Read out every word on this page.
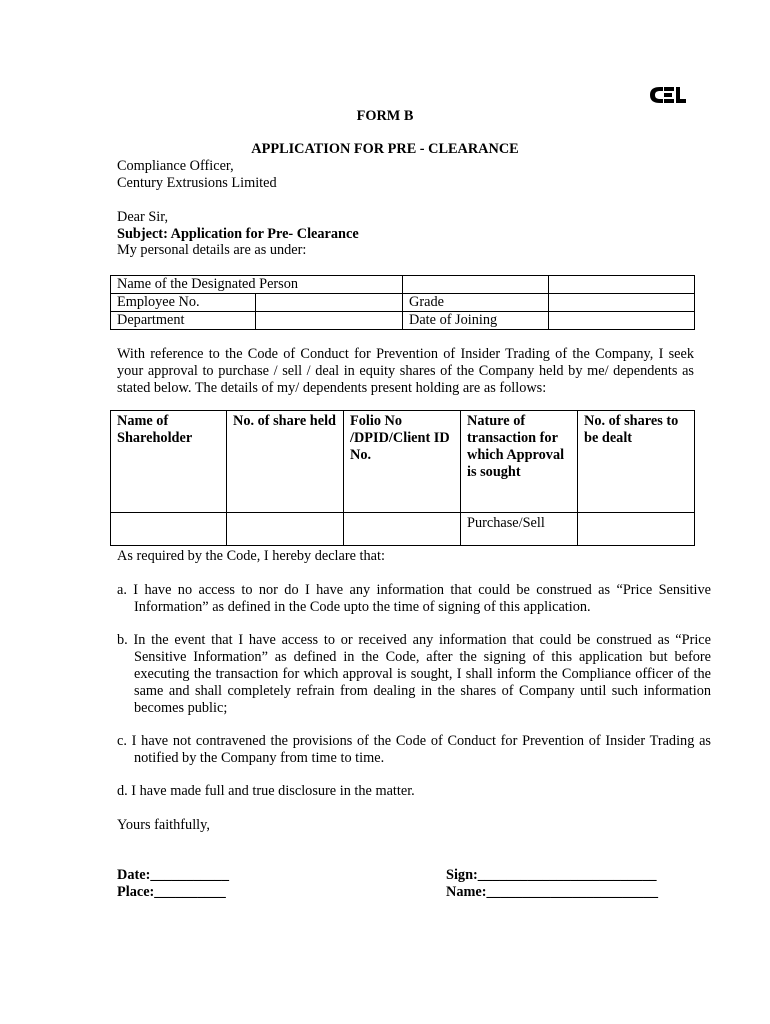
FORM B
APPLICATION FOR PRE - CLEARANCE
Compliance Officer,
Century Extrusions Limited
Dear Sir,
Subject: Application for Pre- Clearance
My personal details are as under:
Name of the Designated Person			
Employee No.		Grade	
Department		Date of Joining	
With reference to the Code of Conduct for Prevention of Insider Trading of the Company, I seek your approval to purchase / sell / deal in equity shares of the Company held by me/ dependents as stated below. The details of my/ dependents present holding are as follows:
Name of Shareholder	No. of share held	Folio No /DPID/Client ID No.	Nature of transaction for which Approval is sought	No. of shares to be dealt
			Purchase/Sell	
As required by the Code, I hereby declare that:
a. I have no access to nor do I have any information that could be construed as “Price Sensitive Information” as defined in the Code upto the time of signing of this application.
b. In the event that I have access to or received any information that could be construed as “Price Sensitive Information” as defined in the Code, after the signing of this application but before executing the transaction for which approval is sought, I shall inform the Compliance officer of the same and shall completely refrain from dealing in the shares of Company until such information becomes public;
c. I have not contravened the provisions of the Code of Conduct for Prevention of Insider Trading as notified by the Company from time to time.
d. I have made full and true disclosure in the matter.
Yours faithfully,
Date:___________
Place:__________
Sign:_________________________
Name:________________________
